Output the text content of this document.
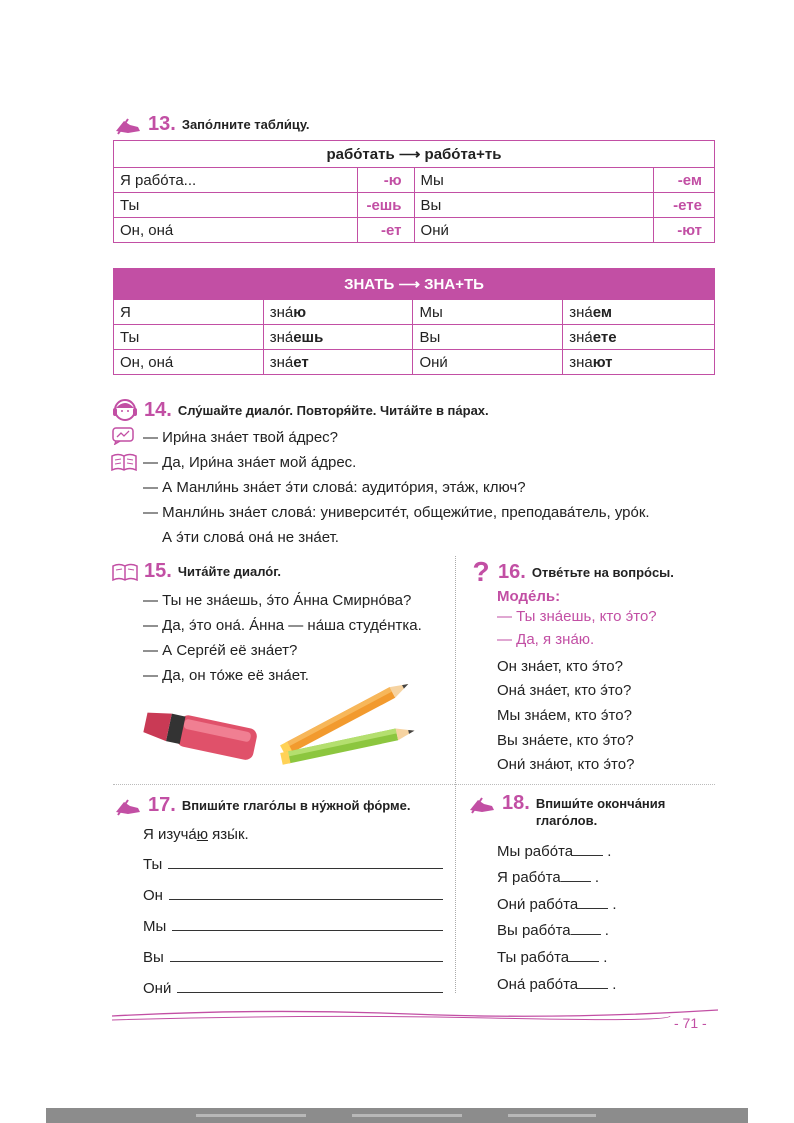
13. Запо́лните табли́цу.
рабо́тать ⟶ рабо́та+ть			
Я рабо́та...	-ю	Мы	-ем
Ты	-ешь	Вы	-ете
Он, она́	-ет	Они́	-ют
ЗНАТЬ ⟶ ЗНА+ТЬ			
Я	зна́ю	Мы	зна́ем
Ты	зна́ешь	Вы	зна́ете
Он, она́	зна́ет	Они́	знают
14. Слу́шайте диало́г. Повторя́йте. Чита́йте в па́рах.
— Ири́на зна́ет твой а́дрес?
— Да, Ири́на зна́ет мой а́дрес.
— А Манли́нь зна́ет э́ти слова́: аудито́рия, эта́ж, ключ?
— Манли́нь зна́ет слова́: университе́т, общежи́тие, преподава́тель, уро́к.
А э́ти слова́ она́ не зна́ет.
15. Чита́йте диало́г.
— Ты не зна́ешь, э́то А́нна Смирно́ва?
— Да, э́то она́. А́нна — на́ша студе́нтка.
— А Серге́й её зна́ет?
— Да, он то́же её зна́ет.
? 16. Отве́тьте на вопро́сы.
Моде́ль:
— Ты зна́ешь, кто э́то?
— Да, я зна́ю.
Он зна́ет, кто э́то?
Она́ зна́ет, кто э́то?
Мы зна́ем, кто э́то?
Вы зна́ете, кто э́то?
Они́ зна́ют, кто э́то?
17. Впиши́те глаго́лы в ну́жной фо́рме.
Я изуча́ю язы́к.
Ты
Он
Мы
Вы
Они́
18. Впиши́те оконча́ния глаго́лов.
Мы рабо́та .
Я рабо́та .
Они́ рабо́та .
Вы рабо́та .
Ты рабо́та .
Она́ рабо́та .
- 71 -
